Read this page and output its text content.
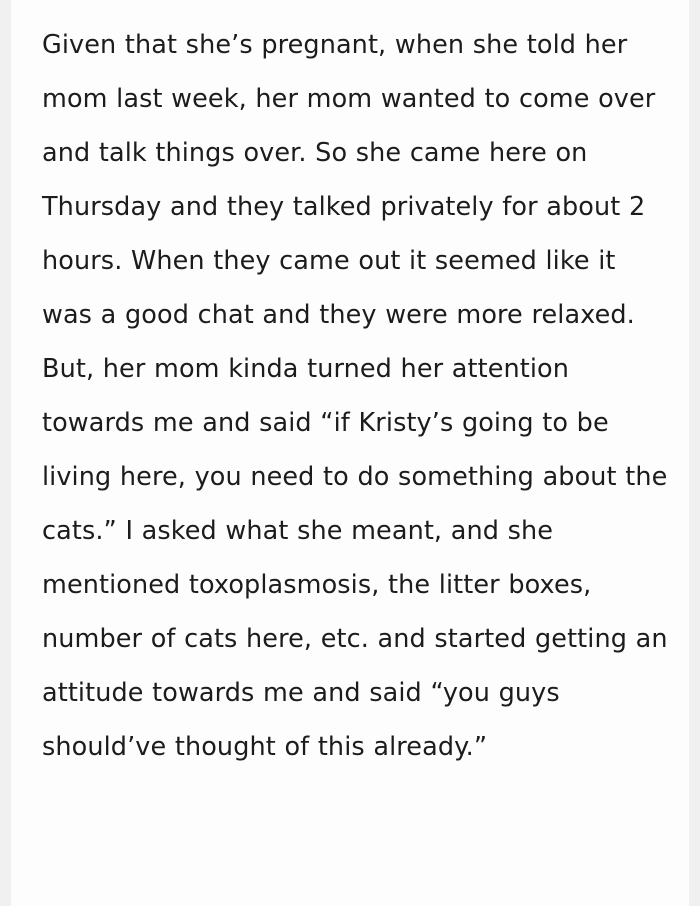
Given that she’s pregnant, when she told her mom last week, her mom wanted to come over and talk things over. So she came here on Thursday and they talked privately for about 2 hours. When they came out it seemed like it was a good chat and they were more relaxed. But, her mom kinda turned her attention towards me and said “if Kristy’s going to be living here, you need to do something about the cats.” I asked what she meant, and she mentioned toxoplasmosis, the litter boxes, number of cats here, etc. and started getting an attitude towards me and said “you guys should’ve thought of this already.”
